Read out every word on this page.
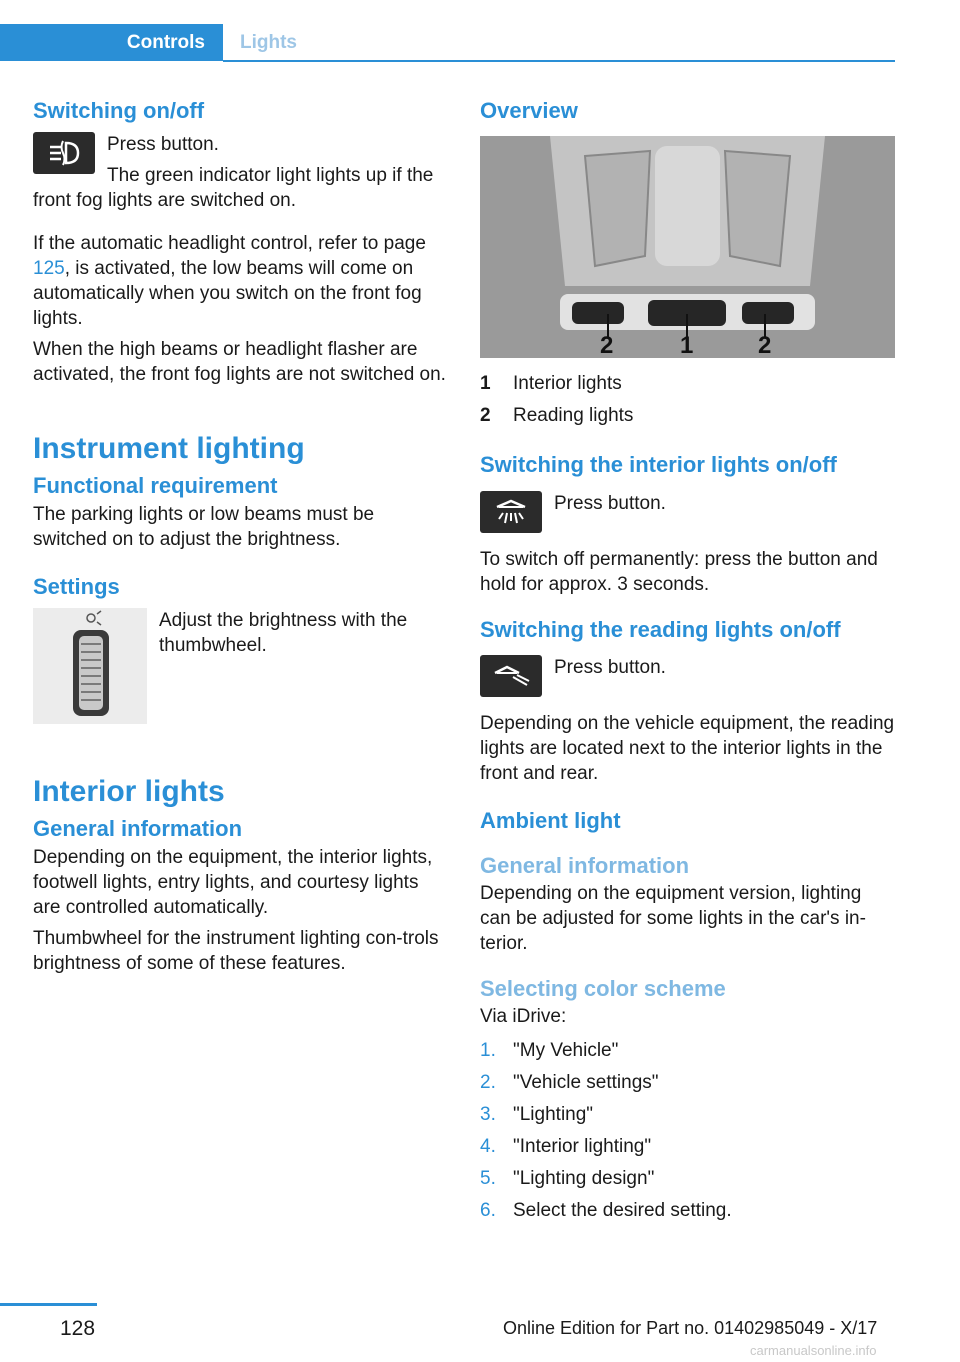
Controls	Lights
Switching on/off

Press button.

The green indicator light lights up if the front fog lights are switched on.

If the automatic headlight control, refer to page 125, is activated, the low beams will come on automatically when you switch on the front fog lights.

When the high beams or headlight flasher are activated, the front fog lights are not switched on.

Instrument lighting
Functional requirement

The parking lights or low beams must be switched on to adjust the brightness.

Settings

Adjust the brightness with the thumbwheel.

Interior lights
General information

Depending on the equipment, the interior lights, footwell lights, entry lights, and courtesy lights are controlled automatically.

Thumbwheel for the instrument lighting con‐trols brightness of some of these features.

Overview
2	1	2
1	Interior lights
2	Reading lights
Switching the interior lights on/off

Press button.

To switch off permanently: press the button and hold for approx. 3 seconds.

Switching the reading lights on/off

Press button.

Depending on the vehicle equipment, the reading lights are located next to the interior lights in the front and rear.

Ambient light
General information

Depending on the equipment version, lighting can be adjusted for some lights in the car's in‐terior.

Selecting color scheme

Via iDrive:

1. "My Vehicle"
2. "Vehicle settings"
3. "Lighting"
4. "Interior lighting"
5. "Lighting design"
6. Select the desired setting.
128	Online Edition for Part no. 01402985049 - X/17
carmanualsonline.info
